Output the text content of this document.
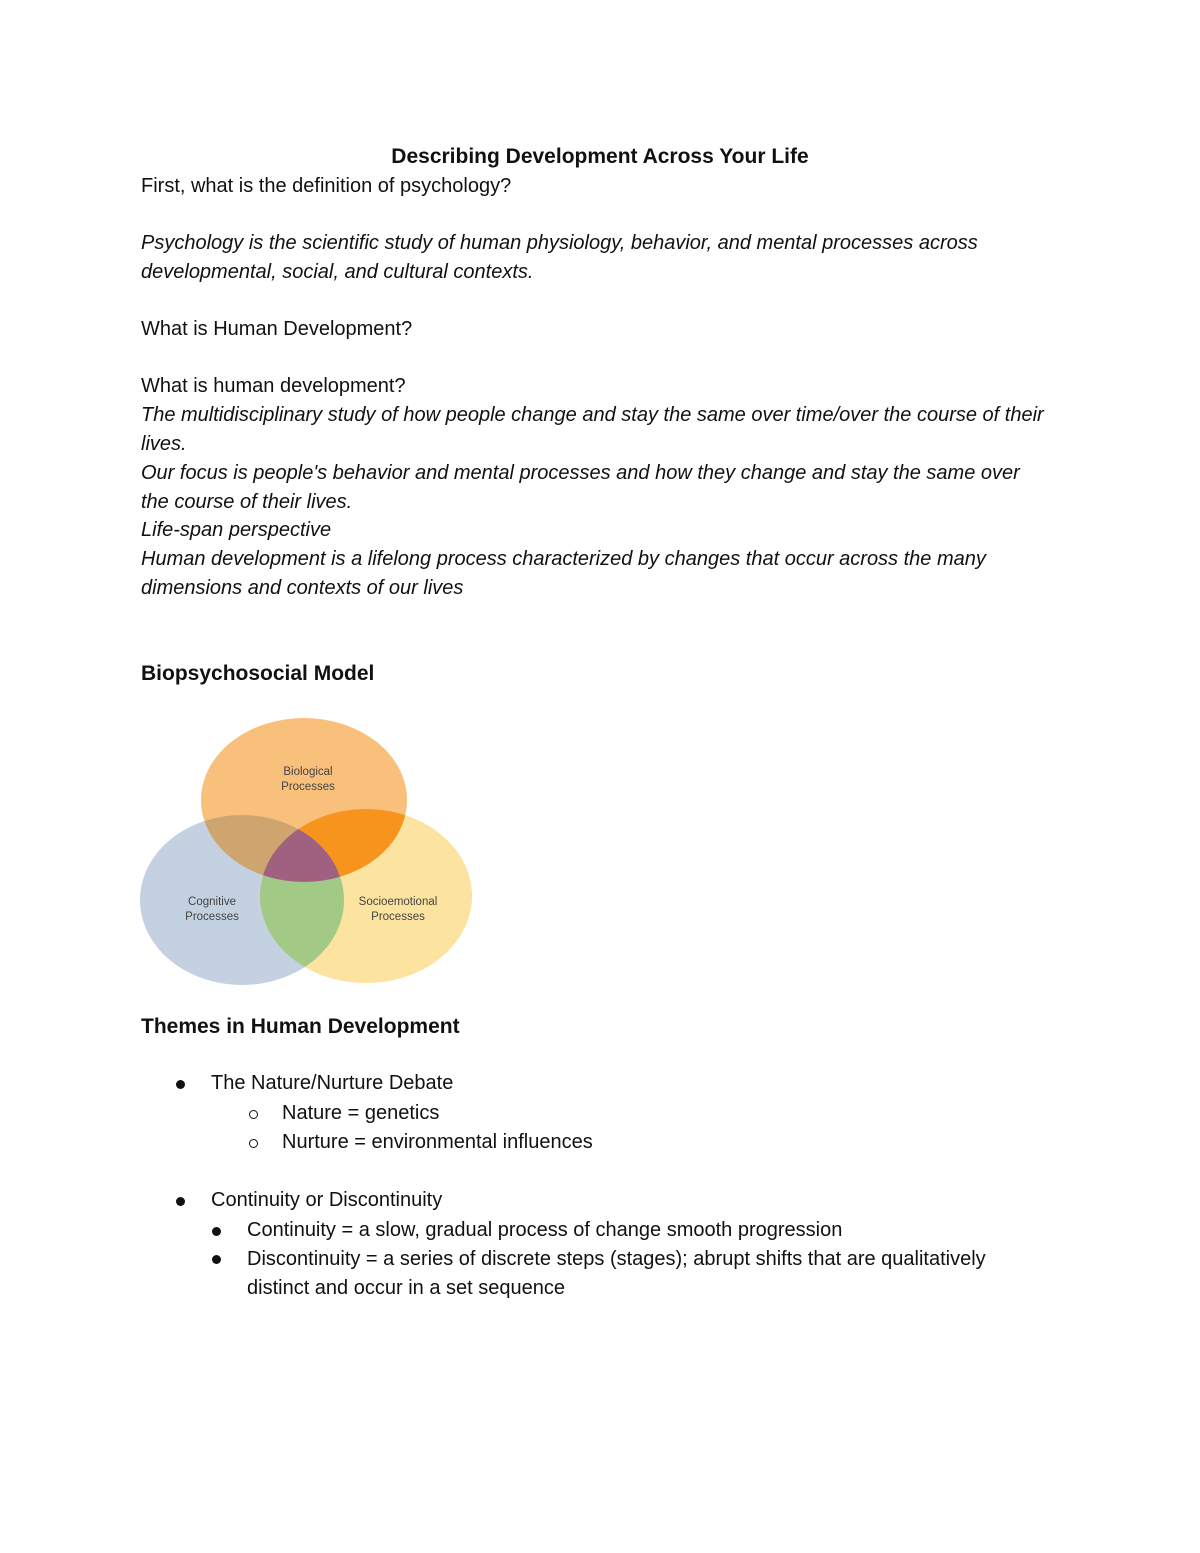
Describing Development Across Your Life
First, what is the definition of psychology?
Psychology is the scientific study of human physiology, behavior, and mental processes across developmental, social, and cultural contexts.
What is Human Development?
What is human development?
The multidisciplinary study of how people change and stay the same over time/over the course of their lives.
Our focus is people's behavior and mental processes and how they change and stay the same over the course of their lives.
Life-span perspective
Human development is a lifelong process characterized by changes that occur across the many dimensions and contexts of our lives
Biopsychosocial Model
Biological
Processes
Cognitive
Processes
Socioemotional
Processes
Themes in Human Development
The Nature/Nurture Debate
Nature = genetics
Nurture = environmental influences
Continuity or Discontinuity
Continuity = a slow, gradual process of change smooth progression
Discontinuity = a series of discrete steps (stages); abrupt shifts that are qualitatively distinct and occur in a set sequence
